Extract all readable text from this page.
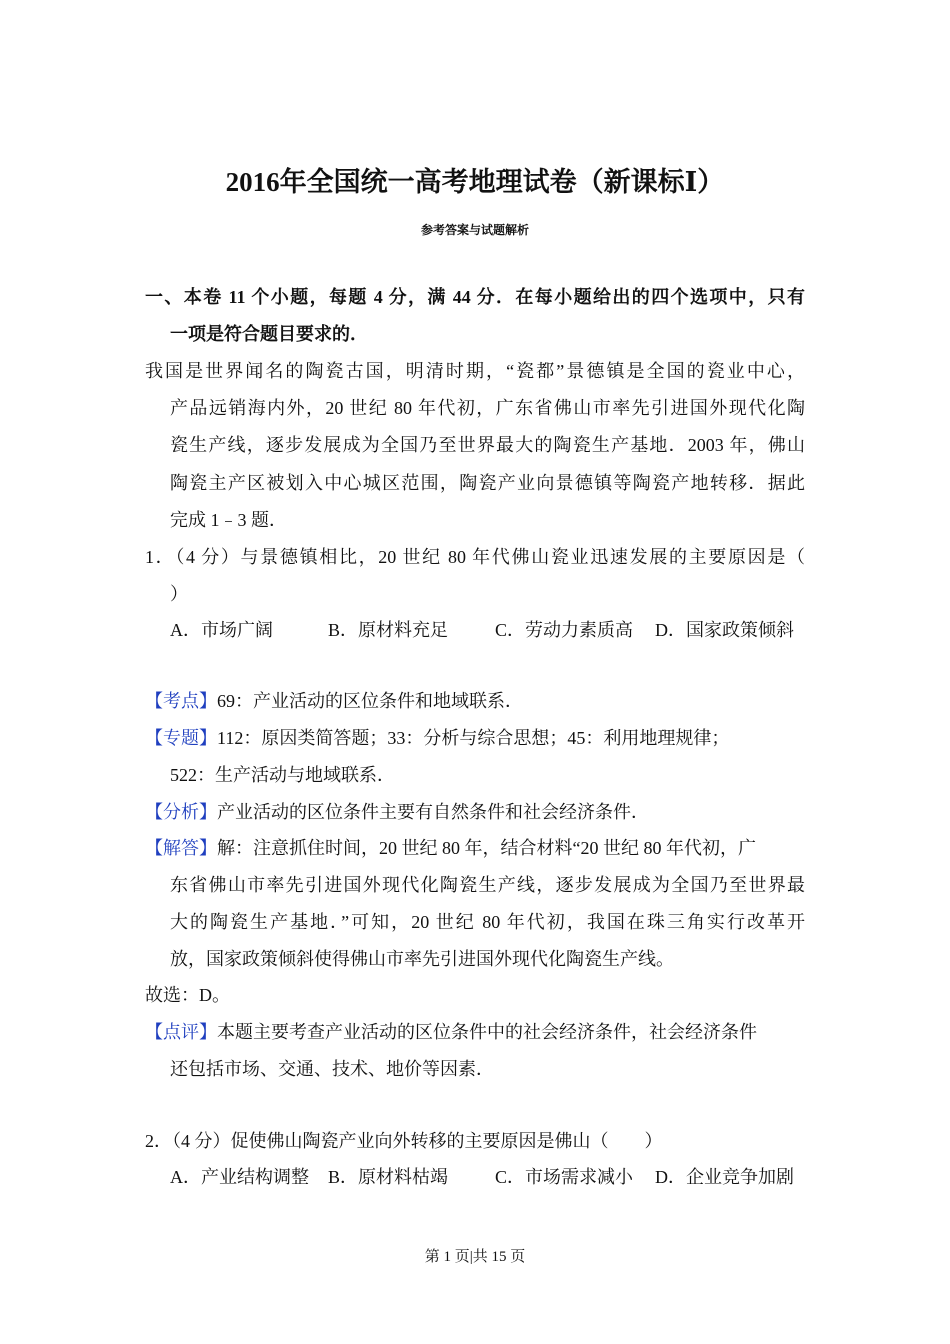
2016年全国统一高考地理试卷（新课标Ⅰ）
参考答案与试题解析
一、本卷 11 个小题，每题 4 分，满 44 分．在每小题给出的四个选项中，只有
一项是符合题目要求的．
我国是世界闻名的陶瓷古国，明清时期，“瓷都”景德镇是全国的瓷业中心，
产品远销海内外，20 世纪 80 年代初，广东省佛山市率先引进国外现代化陶
瓷生产线，逐步发展成为全国乃至世界最大的陶瓷生产基地．2003 年，佛山
陶瓷主产区被划入中心城区范围，陶瓷产业向景德镇等陶瓷产地转移．据此
完成 1﹣3 题．
1．（4 分）与景德镇相比，20 世纪 80 年代佛山瓷业迅速发展的主要原因是（
）
A．市场广阔	B．原材料充足	C．劳动力素质高 D．国家政策倾斜
【考点】69：产业活动的区位条件和地域联系．
【专题】112：原因类简答题；33：分析与综合思想；45：利用地理规律；
522：生产活动与地域联系．
【分析】产业活动的区位条件主要有自然条件和社会经济条件．
【解答】解：注意抓住时间，20 世纪 80 年，结合材料“20 世纪 80 年代初，广
东省佛山市率先引进国外现代化陶瓷生产线，逐步发展成为全国乃至世界最
大的陶瓷生产基地．”可知，20 世纪 80 年代初，我国在珠三角实行改革开
放，国家政策倾斜使得佛山市率先引进国外现代化陶瓷生产线。
故选：D。
【点评】本题主要考查产业活动的区位条件中的社会经济条件，社会经济条件
还包括市场、交通、技术、地价等因素．
2．（4 分）促使佛山陶瓷产业向外转移的主要原因是佛山（　　）
A．产业结构调整 B．原材料枯竭	C．市场需求减小 D．企业竞争加剧
第 1 页|共 15 页
